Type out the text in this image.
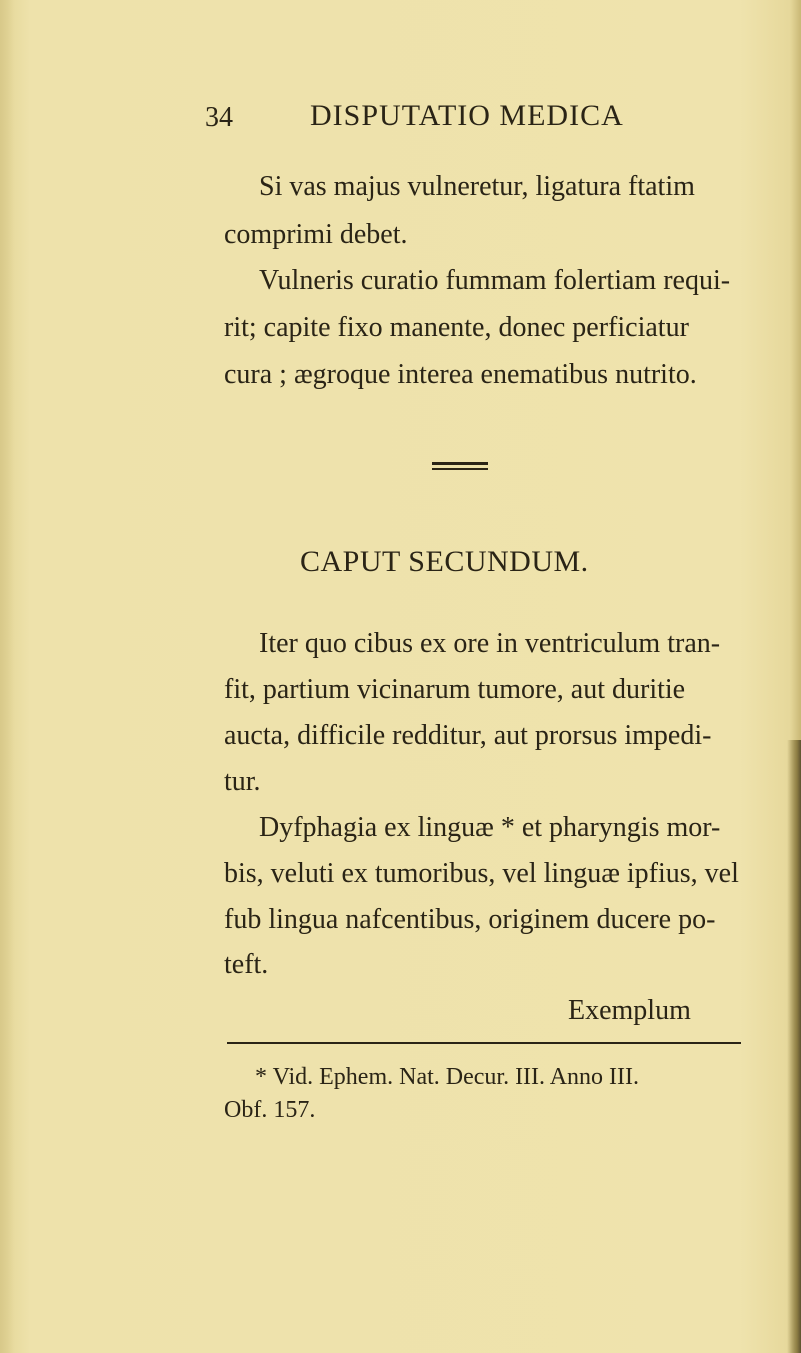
34	DISPUTATIO MEDICA
Si vas majus vulneretur, ligatura ftatim
comprimi debet.
Vulneris curatio fummam folertiam requi-
rit; capite fixo manente, donec perficiatur
cura ; ægroque interea enematibus nutrito.
CAPUT SECUNDUM.
Iter quo cibus ex ore in ventriculum tran-
fit, partium vicinarum tumore, aut duritie
aucta, difficile redditur, aut prorsus impedi-
tur.
Dyfphagia ex linguæ * et pharyngis mor-
bis, veluti ex tumoribus, vel linguæ ipfius, vel
fub lingua nafcentibus, originem ducere po-
teft.
Exemplum
* Vid. Ephem. Nat. Decur. III. Anno III.
Obf. 157.
